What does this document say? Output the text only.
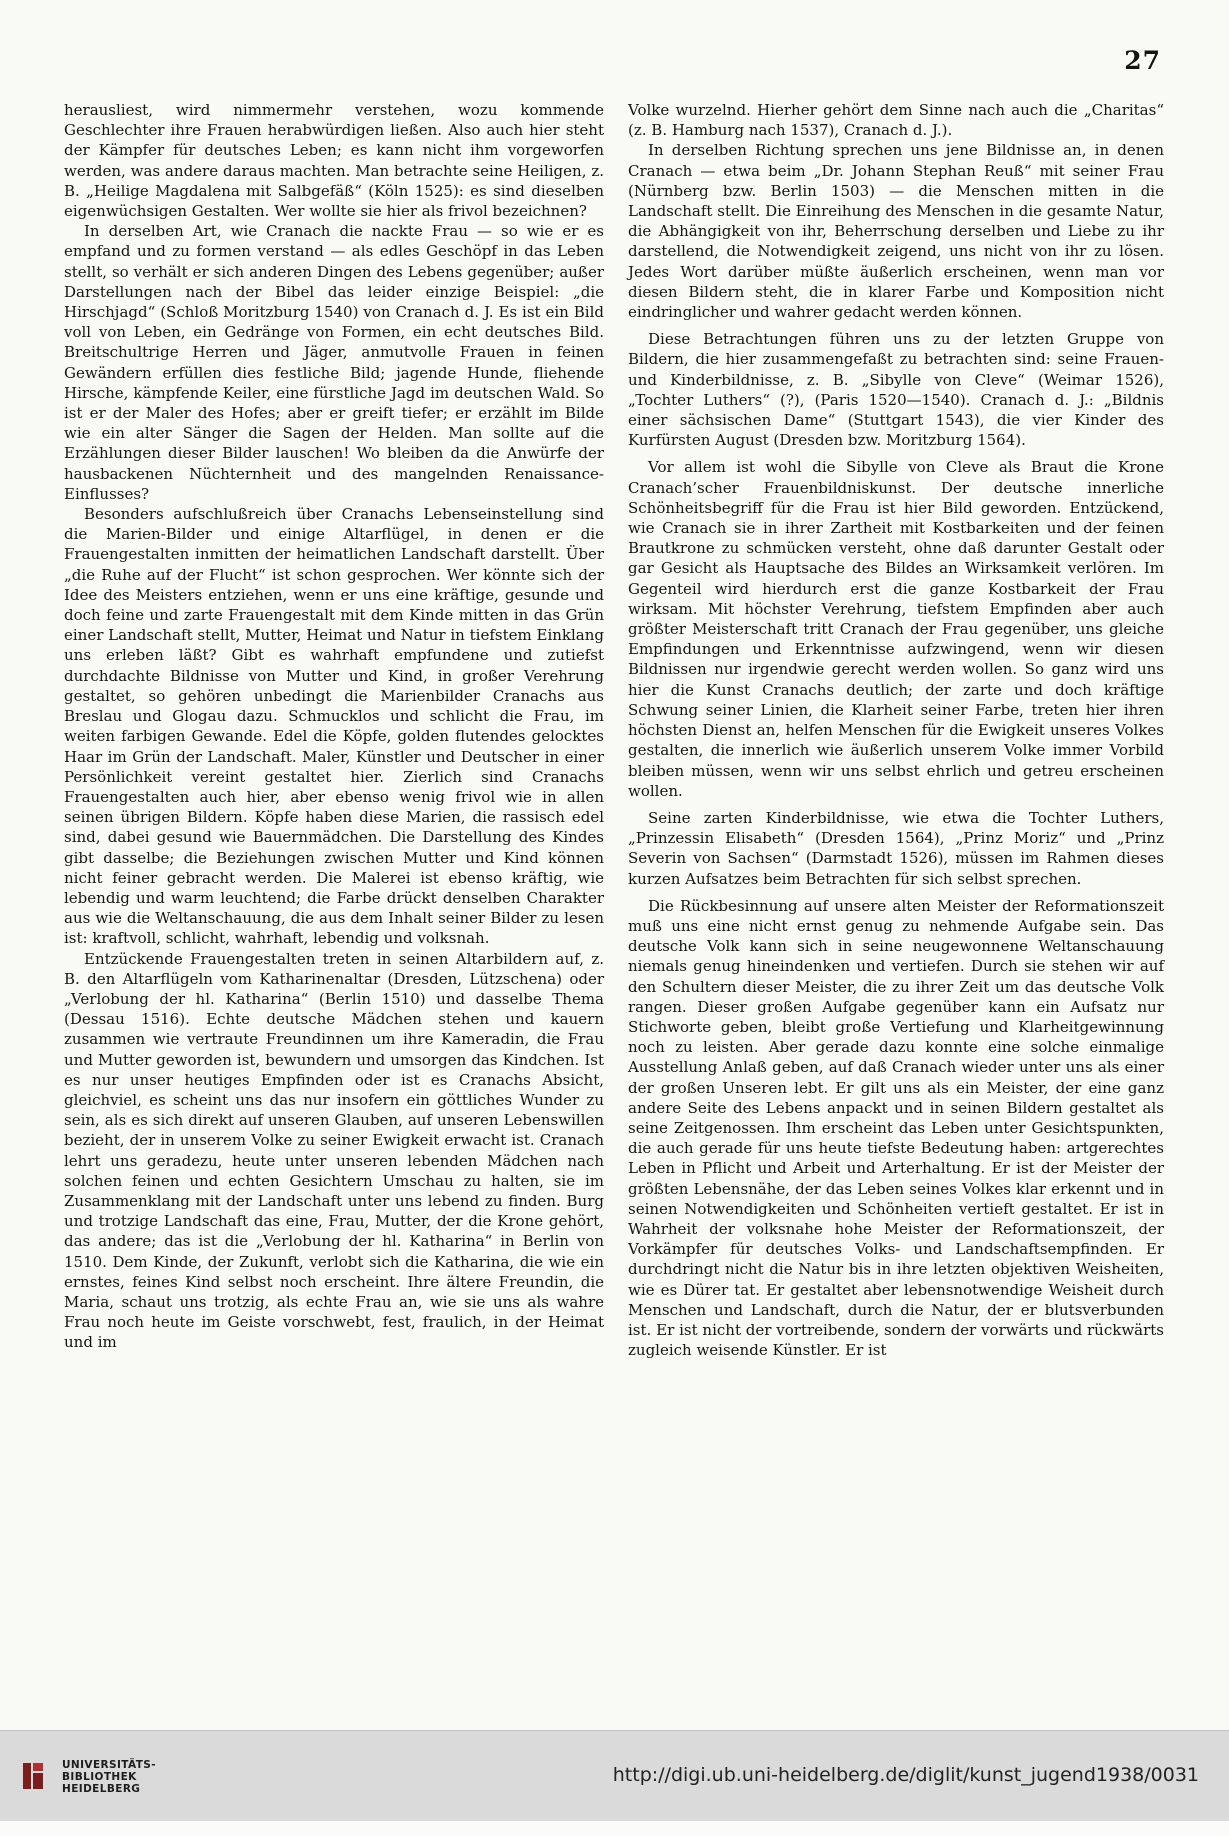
27

herausliest, wird nimmermehr verstehen, wozu kommende Geschlechter ihre Frauen herabwürdigen ließen. Also auch hier steht der Kämpfer für deutsches Leben; es kann nicht ihm vorgeworfen werden, was andere daraus machten. Man betrachte seine Heiligen, z. B. „Heilige Magdalena mit Salbgefäß“ (Köln 1525): es sind dieselben eigenwüchsigen Gestalten. Wer wollte sie hier als frivol bezeichnen?

In derselben Art, wie Cranach die nackte Frau — so wie er es empfand und zu formen verstand — als edles Geschöpf in das Leben stellt, so verhält er sich anderen Dingen des Lebens gegenüber; außer Darstellungen nach der Bibel das leider einzige Beispiel: „die Hirschjagd“ (Schloß Moritzburg 1540) von Cranach d. J. Es ist ein Bild voll von Leben, ein Gedränge von Formen, ein echt deutsches Bild. Breitschultrige Herren und Jäger, anmutvolle Frauen in feinen Gewändern erfüllen dies festliche Bild; jagende Hunde, fliehende Hirsche, kämpfende Keiler, eine fürstliche Jagd im deutschen Wald. So ist er der Maler des Hofes; aber er greift tiefer; er erzählt im Bilde wie ein alter Sänger die Sagen der Helden. Man sollte auf die Erzählungen dieser Bilder lauschen! Wo bleiben da die Anwürfe der hausbackenen Nüchternheit und des mangelnden Renaissance-Einflusses?

Besonders aufschlußreich über Cranachs Lebenseinstellung sind die Marien-Bilder und einige Altarflügel, in denen er die Frauengestalten inmitten der heimatlichen Landschaft darstellt. Über „die Ruhe auf der Flucht“ ist schon gesprochen. Wer könnte sich der Idee des Meisters entziehen, wenn er uns eine kräftige, gesunde und doch feine und zarte Frauengestalt mit dem Kinde mitten in das Grün einer Landschaft stellt, Mutter, Heimat und Natur in tiefstem Einklang uns erleben läßt? Gibt es wahrhaft empfundene und zutiefst durchdachte Bildnisse von Mutter und Kind, in großer Verehrung gestaltet, so gehören unbedingt die Marienbilder Cranachs aus Breslau und Glogau dazu. Schmucklos und schlicht die Frau, im weiten farbigen Gewande. Edel die Köpfe, golden flutendes gelocktes Haar im Grün der Landschaft. Maler, Künstler und Deutscher in einer Persönlichkeit vereint gestaltet hier. Zierlich sind Cranachs Frauengestalten auch hier, aber ebenso wenig frivol wie in allen seinen übrigen Bildern. Köpfe haben diese Marien, die rassisch edel sind, dabei gesund wie Bauernmädchen. Die Darstellung des Kindes gibt dasselbe; die Beziehungen zwischen Mutter und Kind können nicht feiner gebracht werden. Die Malerei ist ebenso kräftig, wie lebendig und warm leuchtend; die Farbe drückt denselben Charakter aus wie die Weltanschauung, die aus dem Inhalt seiner Bilder zu lesen ist: kraftvoll, schlicht, wahrhaft, lebendig und volksnah.

Entzückende Frauengestalten treten in seinen Altarbildern auf, z. B. den Altarflügeln vom Katharinenaltar (Dresden, Lützschena) oder „Verlobung der hl. Katharina“ (Berlin 1510) und dasselbe Thema (Dessau 1516). Echte deutsche Mädchen stehen und kauern zusammen wie vertraute Freundinnen um ihre Kameradin, die Frau und Mutter geworden ist, bewundern und umsorgen das Kindchen. Ist es nur unser heutiges Empfinden oder ist es Cranachs Absicht, gleichviel, es scheint uns das nur insofern ein göttliches Wunder zu sein, als es sich direkt auf unseren Glauben, auf unseren Lebenswillen bezieht, der in unserem Volke zu seiner Ewigkeit erwacht ist. Cranach lehrt uns geradezu, heute unter unseren lebenden Mädchen nach solchen feinen und echten Gesichtern Umschau zu halten, sie im Zusammenklang mit der Landschaft unter uns lebend zu finden. Burg und trotzige Landschaft das eine, Frau, Mutter, der die Krone gehört, das andere; das ist die „Verlobung der hl. Katharina“ in Berlin von 1510. Dem Kinde, der Zukunft, verlobt sich die Katharina, die wie ein ernstes, feines Kind selbst noch erscheint. Ihre ältere Freundin, die Maria, schaut uns trotzig, als echte Frau an, wie sie uns als wahre Frau noch heute im Geiste vorschwebt, fest, fraulich, in der Heimat und im

Volke wurzelnd. Hierher gehört dem Sinne nach auch die „Charitas“ (z. B. Hamburg nach 1537), Cranach d. J.).

In derselben Richtung sprechen uns jene Bildnisse an, in denen Cranach — etwa beim „Dr. Johann Stephan Reuß“ mit seiner Frau (Nürnberg bzw. Berlin 1503) — die Menschen mitten in die Landschaft stellt. Die Einreihung des Menschen in die gesamte Natur, die Abhängigkeit von ihr, Beherrschung derselben und Liebe zu ihr darstellend, die Notwendigkeit zeigend, uns nicht von ihr zu lösen. Jedes Wort darüber müßte äußerlich erscheinen, wenn man vor diesen Bildern steht, die in klarer Farbe und Komposition nicht eindringlicher und wahrer gedacht werden können.

Diese Betrachtungen führen uns zu der letzten Gruppe von Bildern, die hier zusammengefaßt zu betrachten sind: seine Frauen- und Kinderbildnisse, z. B. „Sibylle von Cleve“ (Weimar 1526), „Tochter Luthers“ (?), (Paris 1520—1540). Cranach d. J.: „Bildnis einer sächsischen Dame“ (Stuttgart 1543), die vier Kinder des Kurfürsten August (Dresden bzw. Moritzburg 1564).

Vor allem ist wohl die Sibylle von Cleve als Braut die Krone Cranach’scher Frauenbildniskunst. Der deutsche innerliche Schönheitsbegriff für die Frau ist hier Bild geworden. Entzückend, wie Cranach sie in ihrer Zartheit mit Kostbarkeiten und der feinen Brautkrone zu schmücken versteht, ohne daß darunter Gestalt oder gar Gesicht als Hauptsache des Bildes an Wirksamkeit verlören. Im Gegenteil wird hierdurch erst die ganze Kostbarkeit der Frau wirksam. Mit höchster Verehrung, tiefstem Empfinden aber auch größter Meisterschaft tritt Cranach der Frau gegenüber, uns gleiche Empfindungen und Erkenntnisse aufzwingend, wenn wir diesen Bildnissen nur irgendwie gerecht werden wollen. So ganz wird uns hier die Kunst Cranachs deutlich; der zarte und doch kräftige Schwung seiner Linien, die Klarheit seiner Farbe, treten hier ihren höchsten Dienst an, helfen Menschen für die Ewigkeit unseres Volkes gestalten, die innerlich wie äußerlich unserem Volke immer Vorbild bleiben müssen, wenn wir uns selbst ehrlich und getreu erscheinen wollen.

Seine zarten Kinderbildnisse, wie etwa die Tochter Luthers, „Prinzessin Elisabeth“ (Dresden 1564), „Prinz Moriz“ und „Prinz Severin von Sachsen“ (Darmstadt 1526), müssen im Rahmen dieses kurzen Aufsatzes beim Betrachten für sich selbst sprechen.

Die Rückbesinnung auf unsere alten Meister der Reformationszeit muß uns eine nicht ernst genug zu nehmende Aufgabe sein. Das deutsche Volk kann sich in seine neugewonnene Weltanschauung niemals genug hineindenken und vertiefen. Durch sie stehen wir auf den Schultern dieser Meister, die zu ihrer Zeit um das deutsche Volk rangen. Dieser großen Aufgabe gegenüber kann ein Aufsatz nur Stichworte geben, bleibt große Vertiefung und Klarheitgewinnung noch zu leisten. Aber gerade dazu konnte eine solche einmalige Ausstellung Anlaß geben, auf daß Cranach wieder unter uns als einer der großen Unseren lebt. Er gilt uns als ein Meister, der eine ganz andere Seite des Lebens anpackt und in seinen Bildern gestaltet als seine Zeitgenossen. Ihm erscheint das Leben unter Gesichtspunkten, die auch gerade für uns heute tiefste Bedeutung haben: artgerechtes Leben in Pflicht und Arbeit und Arterhaltung. Er ist der Meister der größten Lebensnähe, der das Leben seines Volkes klar erkennt und in seinen Notwendigkeiten und Schönheiten vertieft gestaltet. Er ist in Wahrheit der volksnahe hohe Meister der Reformationszeit, der Vorkämpfer für deutsches Volks- und Landschaftsempfinden. Er durchdringt nicht die Natur bis in ihre letzten objektiven Weisheiten, wie es Dürer tat. Er gestaltet aber lebensnotwendige Weisheit durch Menschen und Landschaft, durch die Natur, der er blutsverbunden ist. Er ist nicht der vortreibende, sondern der vorwärts und rückwärts zugleich weisende Künstler. Er ist

UNIVERSITÄTS-
BIBLIOTHEK
HEIDELBERG
http://digi.ub.uni-heidelberg.de/diglit/kunst_jugend1938/0031
